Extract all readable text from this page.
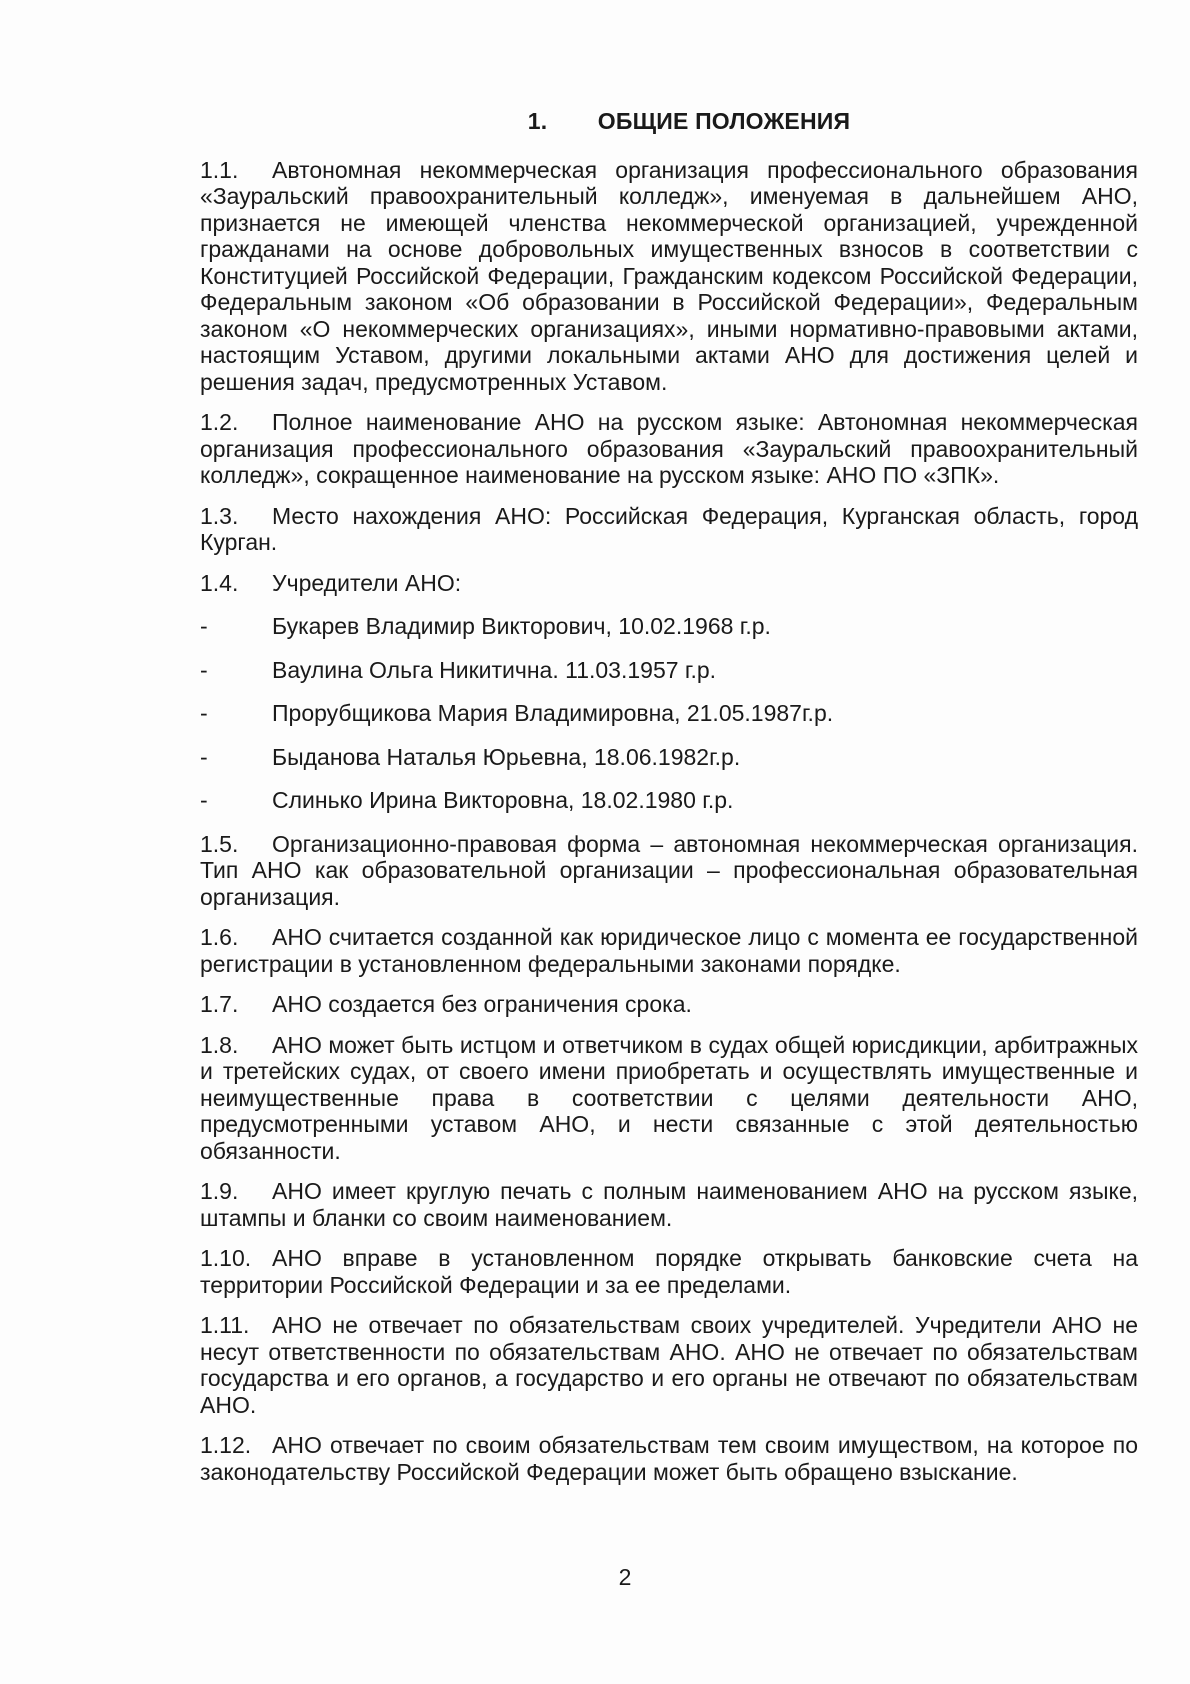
1. ОБЩИЕ ПОЛОЖЕНИЯ
1.1. Автономная некоммерческая организация профессионального образования «Зауральский правоохранительный колледж», именуемая в дальнейшем АНО, признается не имеющей членства некоммерческой организацией, учрежденной гражданами на основе добровольных имущественных взносов в соответствии с Конституцией Российской Федерации, Гражданским кодексом Российской Федерации, Федеральным законом «Об образовании в Российской Федерации», Федеральным законом «О некоммерческих организациях», иными нормативно-правовыми актами, настоящим Уставом, другими локальными актами АНО для достижения целей и решения задач, предусмотренных Уставом.
1.2. Полное наименование АНО на русском языке: Автономная некоммерческая организация профессионального образования «Зауральский правоохранительный колледж», сокращенное наименование на русском языке: АНО ПО «ЗПК».
1.3. Место нахождения АНО: Российская Федерация, Курганская область, город Курган.
1.4. Учредители АНО:
-	Букарев Владимир Викторович, 10.02.1968 г.р.
-	Ваулина Ольга Никитична. 11.03.1957 г.р.
-	Прорубщикова Мария Владимировна, 21.05.1987г.р.
-	Быданова Наталья Юрьевна, 18.06.1982г.р.
-	Слинько Ирина Викторовна, 18.02.1980 г.р.
1.5. Организационно-правовая форма – автономная некоммерческая организация. Тип АНО как образовательной организации – профессиональная образовательная организация.
1.6. АНО считается созданной как юридическое лицо с момента ее государственной регистрации в установленном федеральными законами порядке.
1.7. АНО создается без ограничения срока.
1.8. АНО может быть истцом и ответчиком в судах общей юрисдикции, арбитражных и третейских судах, от своего имени приобретать и осуществлять имущественные и неимущественные права в соответствии с целями деятельности АНО, предусмотренными уставом АНО, и нести связанные с этой деятельностью обязанности.
1.9. АНО имеет круглую печать с полным наименованием АНО на русском языке, штампы и бланки со своим наименованием.
1.10. АНО вправе в установленном порядке открывать банковские счета на территории Российской Федерации и за ее пределами.
1.11. АНО не отвечает по обязательствам своих учредителей. Учредители АНО не несут ответственности по обязательствам АНО. АНО не отвечает по обязательствам государства и его органов, а государство и его органы не отвечают по обязательствам АНО.
1.12. АНО отвечает по своим обязательствам тем своим имуществом, на которое по законодательству Российской Федерации может быть обращено взыскание.
2
